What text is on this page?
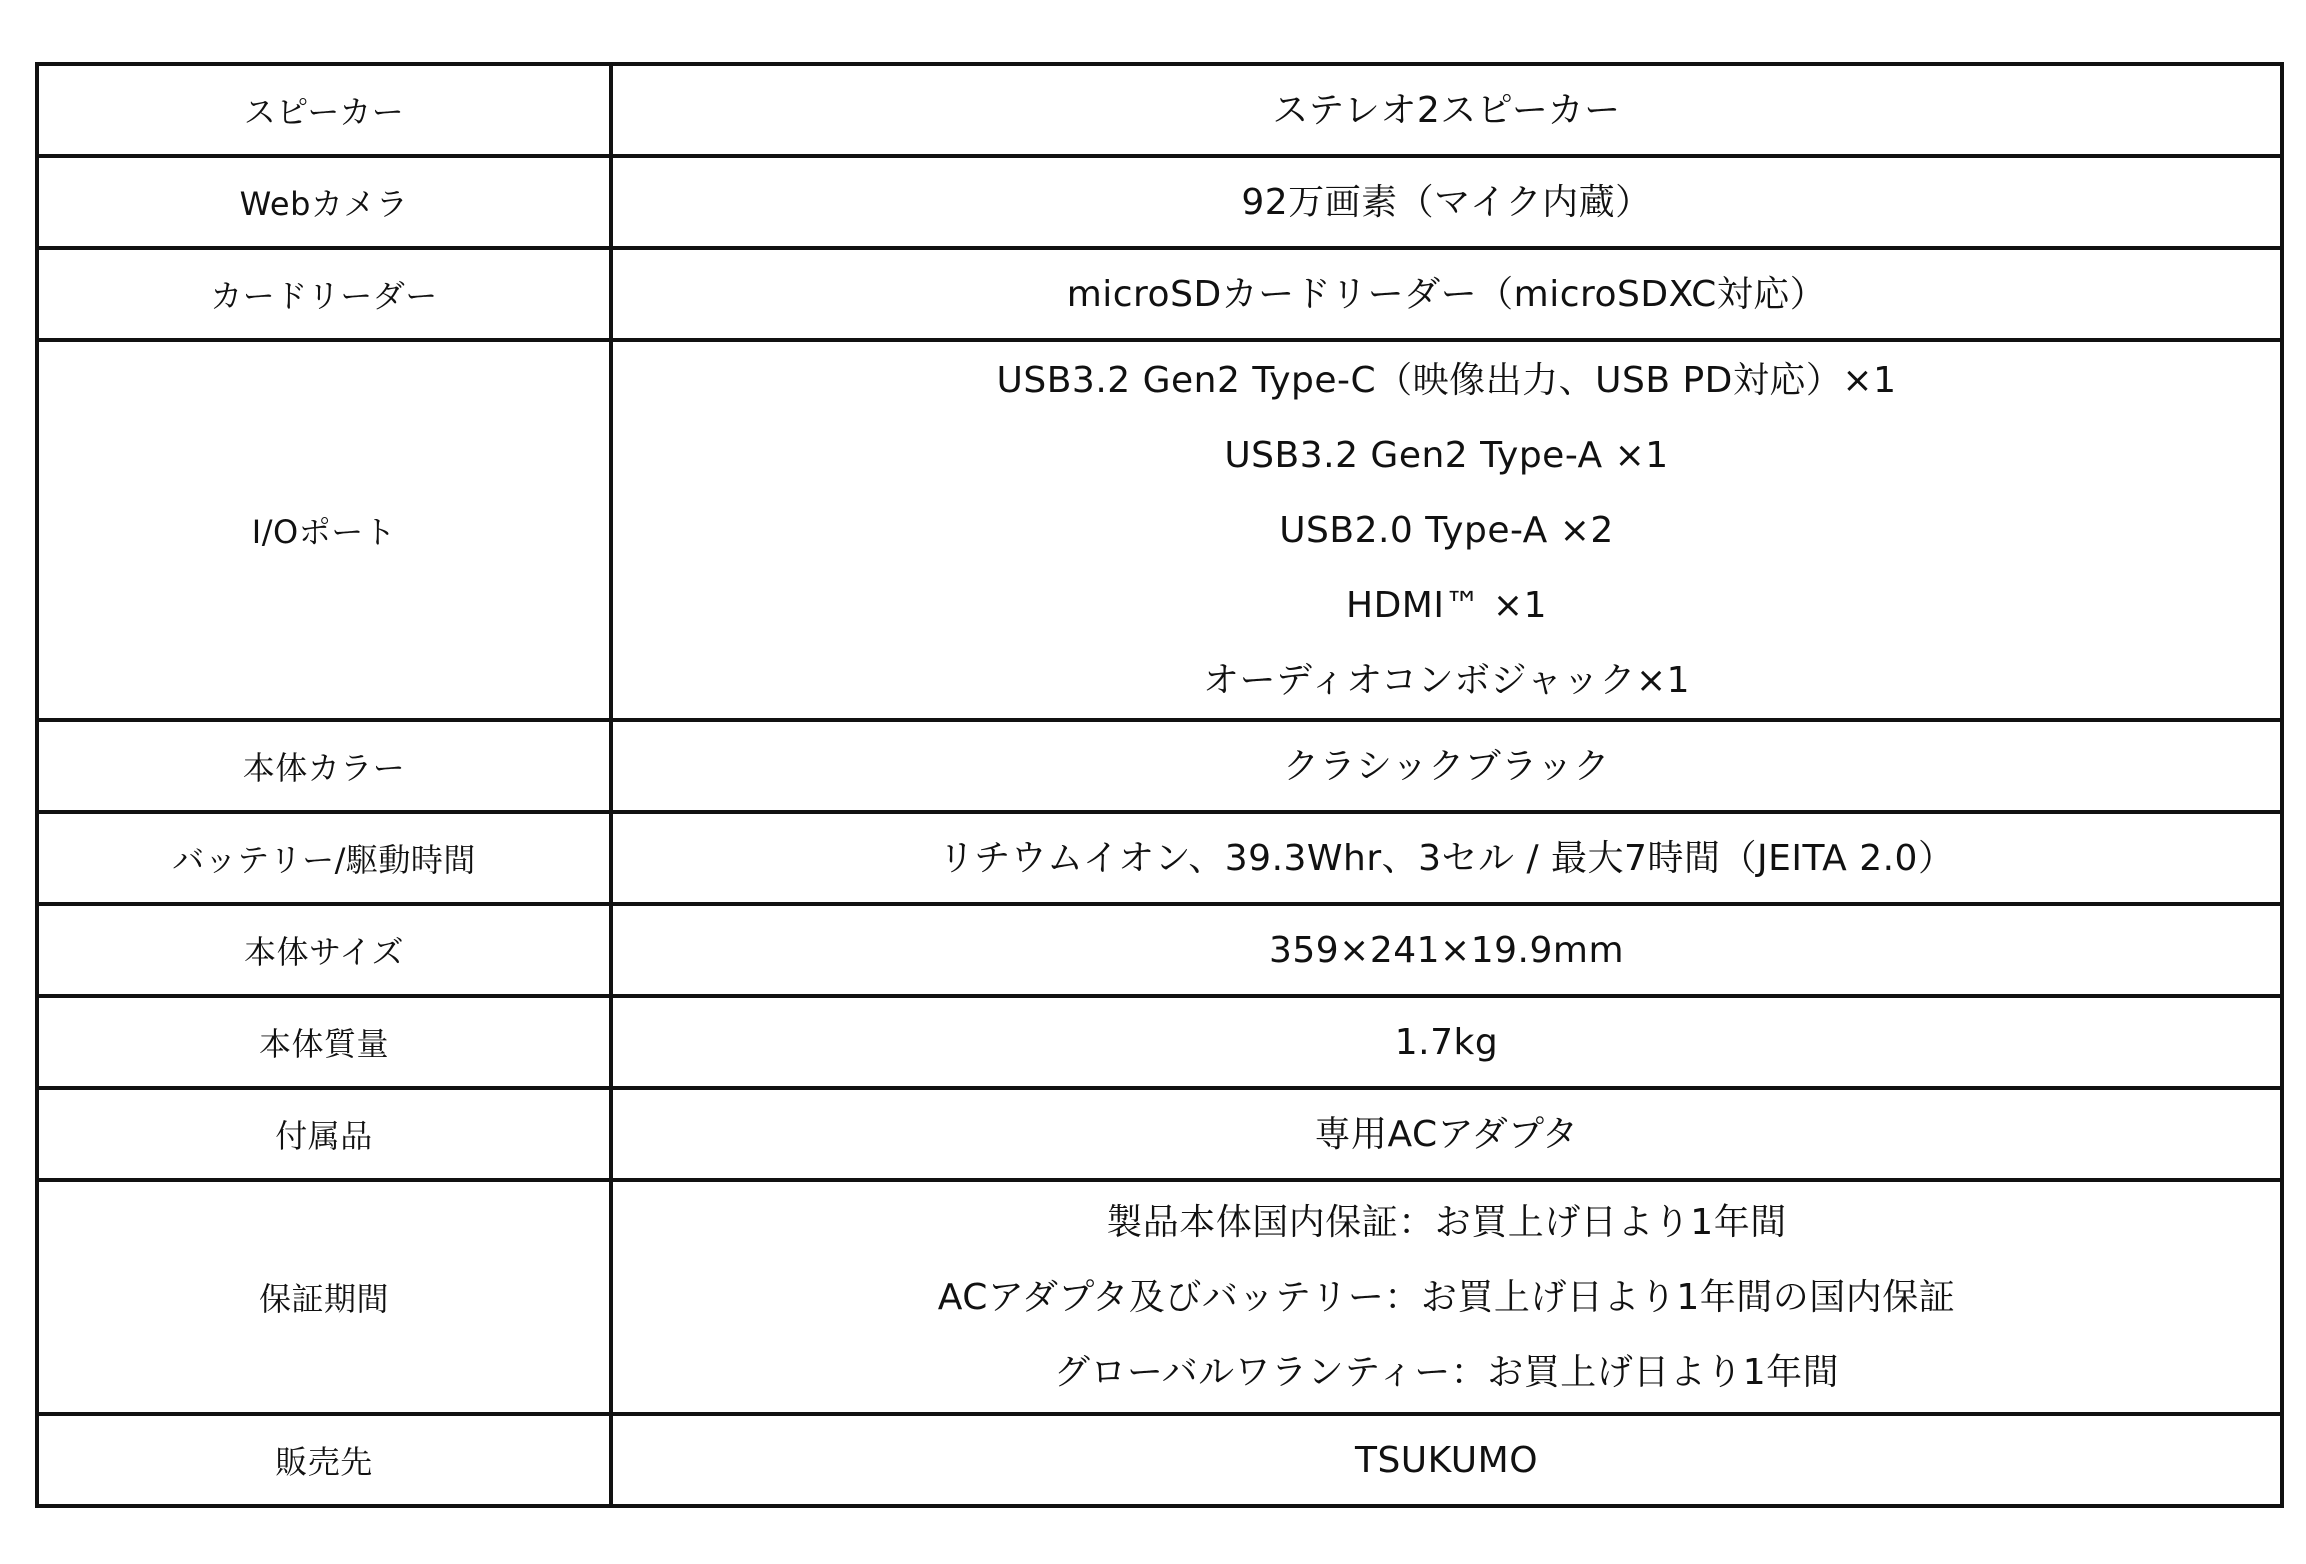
スピーカー	ステレオ2スピーカー

Webカメラ	92万画素（マイク内蔵）

カードリーダー	microSDカードリーダー（microSDXC対応）

I/Oポート	USB3.2 Gen2 Type-C（映像出力、USB PD対応）×1
USB3.2 Gen2 Type-A ×1
USB2.0 Type-A ×2
HDMI™ ×1
オーディオコンボジャック×1

本体カラー	クラシックブラック

バッテリー/駆動時間	リチウムイオン、39.3Whr、3セル / 最大7時間（JEITA 2.0）

本体サイズ	359×241×19.9mm

本体質量	1.7kg

付属品	専用ACアダプタ

保証期間	製品本体国内保証：お買上げ日より1年間
ACアダプタ及びバッテリー：お買上げ日より1年間の国内保証
グローバルワランティー：お買上げ日より1年間

販売先	TSUKUMO
